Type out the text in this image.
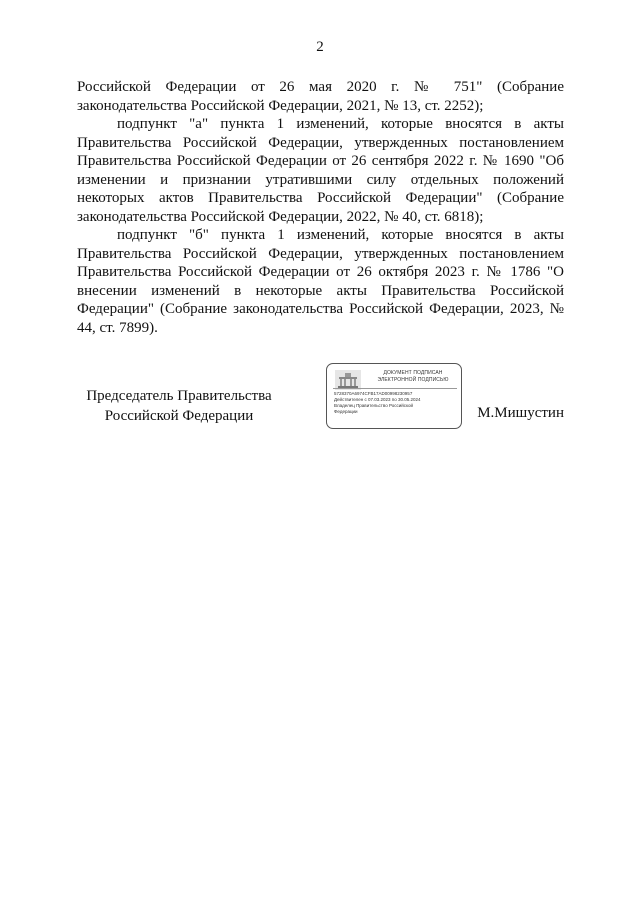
2

Российской Федерации от 26 мая 2020 г. № 751" (Собрание законодательства Российской Федерации, 2021, № 13, ст. 2252);

подпункт "а" пункта 1 изменений, которые вносятся в акты Правительства Российской Федерации, утвержденных постановлением Правительства Российской Федерации от 26 сентября 2022 г. № 1690 "Об изменении и признании утратившими силу отдельных положений некоторых актов Правительства Российской Федерации" (Собрание законодательства Российской Федерации, 2022, № 40, ст. 6818);

подпункт "б" пункта 1 изменений, которые вносятся в акты Правительства Российской Федерации, утвержденных постановлением Правительства Российской Федерации от 26 октября 2023 г. № 1786 "О внесении изменений в некоторые акты Правительства Российской Федерации" (Собрание законодательства Российской Федерации, 2023, № 44, ст. 7899).

Председатель Правительства
Российской Федерации
ДОКУМЕНТ ПОДПИСАН
ЭЛЕКТРОННОЙ ПОДПИСЬЮ
5728370A6974CFB17AD00998230957
Действителен с 07.03.2023 по 30.05.2024
Владелец Правительство Российской
Федерации	М.Мишустин
